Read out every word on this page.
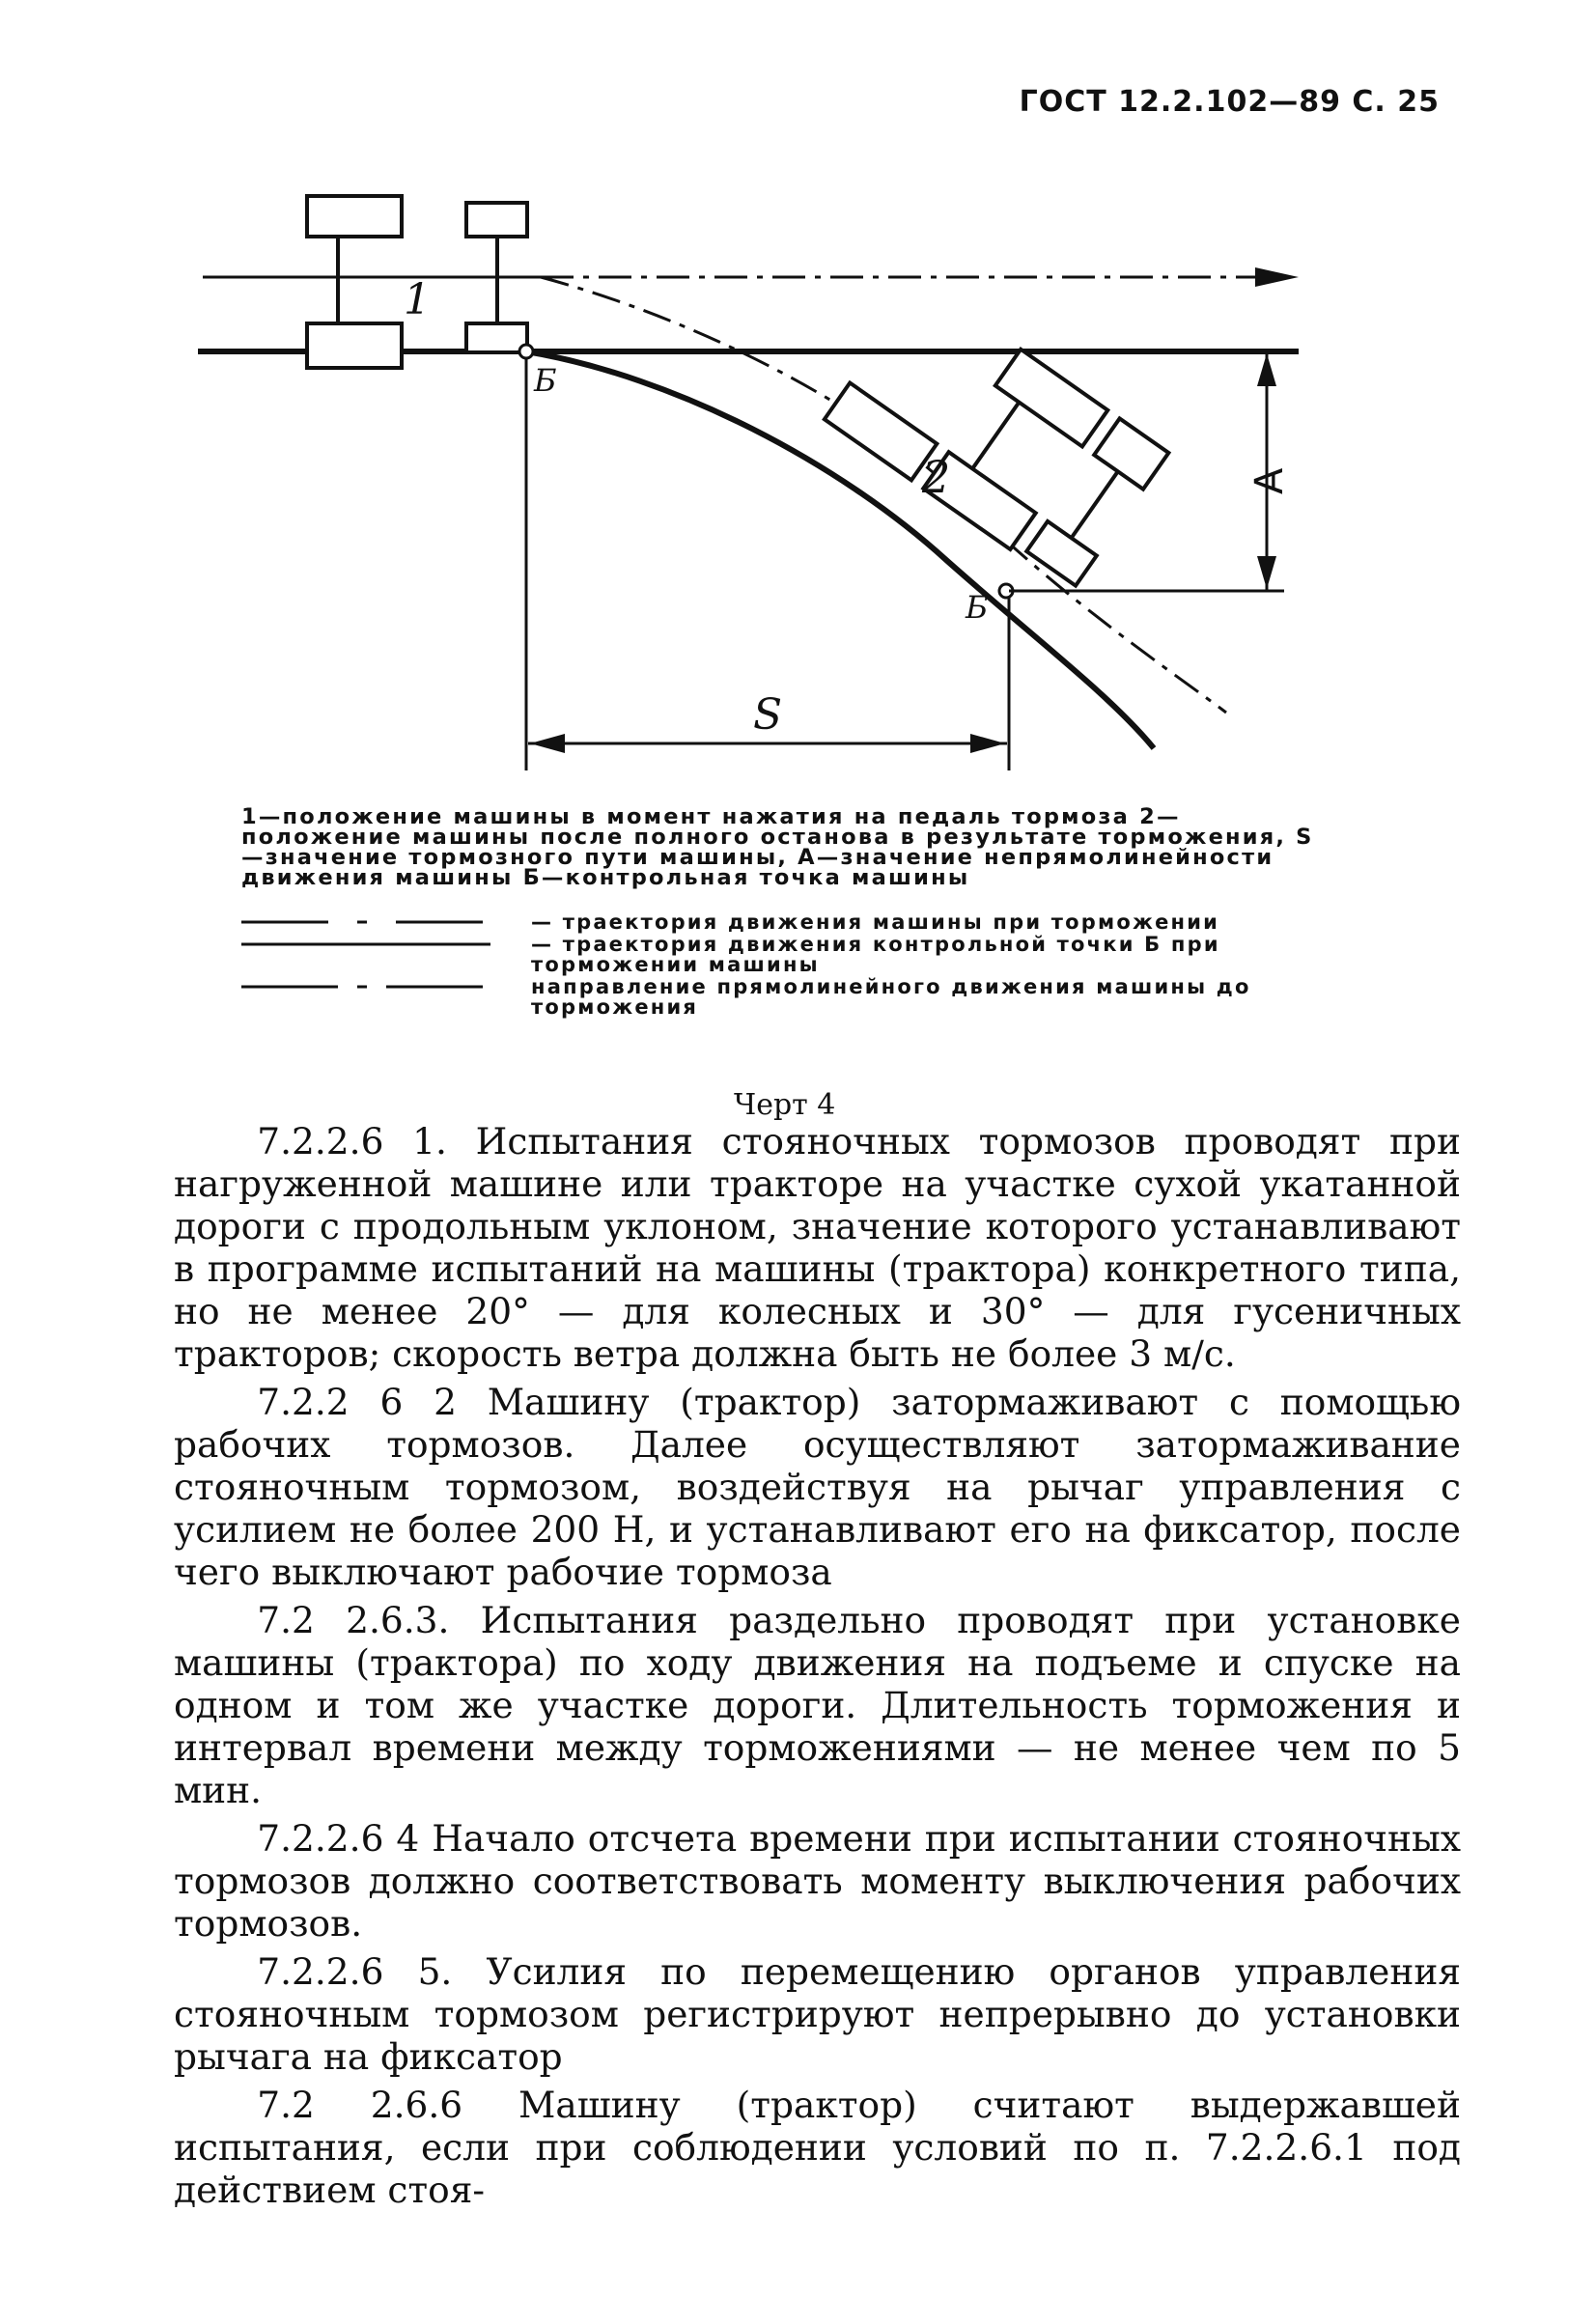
ГОСТ 12.2.102—89 С. 25
1
2
Б
Б
А
S

1—положение машины в момент нажатия на педаль тормоза 2—положение машины после полного останова в результате торможения, S—значение тормозного пути машины, А—значение непрямолинейности движения машины Б—контрольная точка машины

— траектория движения машины при торможении
— траектория движения контрольной точки Б при торможении машины
направление прямолинейного движения машины до торможения
Черт 4

7.2.2.6 1. Испытания стояночных тормозов проводят при нагруженной машине или тракторе на участке сухой укатанной дороги с продольным уклоном, значение которого устанавливают в программе испытаний на машины (трактора) конкретного типа, но не менее 20° — для колесных и 30° — для гусеничных тракторов; скорость ветра должна быть не более 3 м/с.

7.2.2 6 2 Машину (трактор) затормаживают с помощью рабочих тормозов. Далее осуществляют затормаживание стояночным тормозом, воздействуя на рычаг управления с усилием не более 200 Н, и устанавливают его на фиксатор, после чего выключают рабочие тормоза

7.2 2.6.3. Испытания раздельно проводят при установке машины (трактора) по ходу движения на подъеме и спуске на одном и том же участке дороги. Длительность торможения и интервал времени между торможениями — не менее чем по 5 мин.

7.2.2.6 4 Начало отсчета времени при испытании стояночных тормозов должно соответствовать моменту выключения рабочих тормозов.

7.2.2.6 5. Усилия по перемещению органов управления стояночным тормозом регистрируют непрерывно до установки рычага на фиксатор

7.2 2.6.6 Машину (трактор) считают выдержавшей испытания, если при соблюдении условий по п. 7.2.2.6.1 под действием стоя-
